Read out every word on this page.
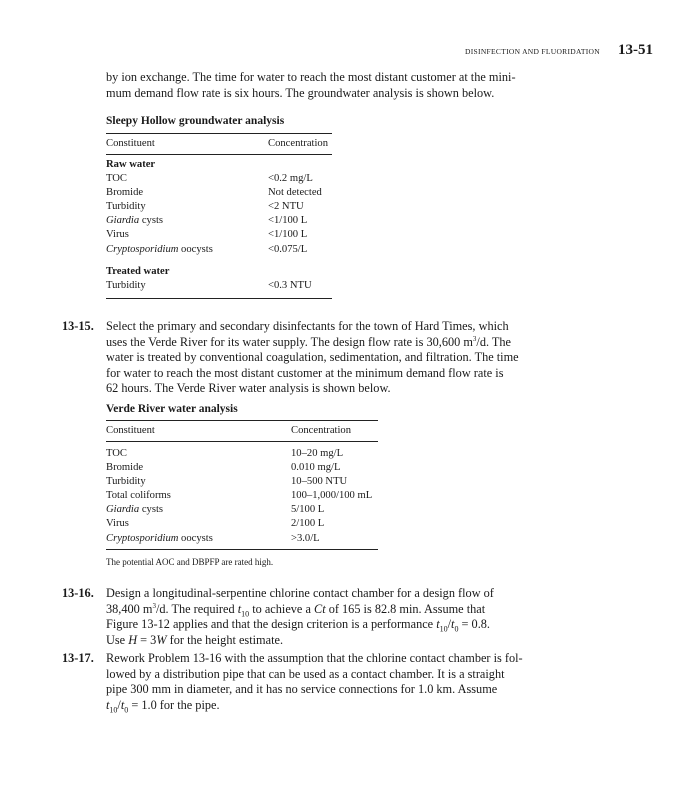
DISINFECTION AND FLUORIDATION 13-51
by ion exchange. The time for water to reach the most distant customer at the mini-
mum demand flow rate is six hours. The groundwater analysis is shown below.
Sleepy Hollow groundwater analysis
Constituent	Concentration
Raw water
TOC	<0.2 mg/L
Bromide	Not detected
Turbidity	<2 NTU
Giardia cysts	<1/100 L
Virus	<1/100 L
Cryptosporidium oocysts	<0.075/L
Treated water
Turbidity	<0.3 NTU
13-15. Select the primary and secondary disinfectants for the town of Hard Times, which
uses the Verde River for its water supply. The design flow rate is 30,600 $m^3/d$. The
water is treated by conventional coagulation, sedimentation, and filtration. The time
for water to reach the most distant customer at the minimum demand flow rate is
62 hours. The Verde River water analysis is shown below.
Verde River water analysis
Constituent	Concentration
TOC	10–20 mg/L
Bromide	0.010 mg/L
Turbidity	10–500 NTU
Total coliforms	100–1,000/100 mL
Giardia cysts	5/100 L
Virus	2/100 L
Cryptosporidium oocysts	>3.0/L
The potential AOC and DBPFP are rated high.
13-16. Design a longitudinal-serpentine chlorine contact chamber for a design flow of
38,400 $m^3/d$. The required $t_{10}$ to achieve a Ct of 165 is 82.8 min. Assume that
Figure 13-12 applies and that the design criterion is a performance $t_{10}/t_0 = 0.8$.
Use H = 3W for the height estimate.
13-17. Rework Problem 13-16 with the assumption that the chlorine contact chamber is fol-
lowed by a distribution pipe that can be used as a contact chamber. It is a straight
pipe 300 mm in diameter, and it has no service connections for 1.0 km. Assume
$t_{10}/t_0 = 1.0$ for the pipe.
